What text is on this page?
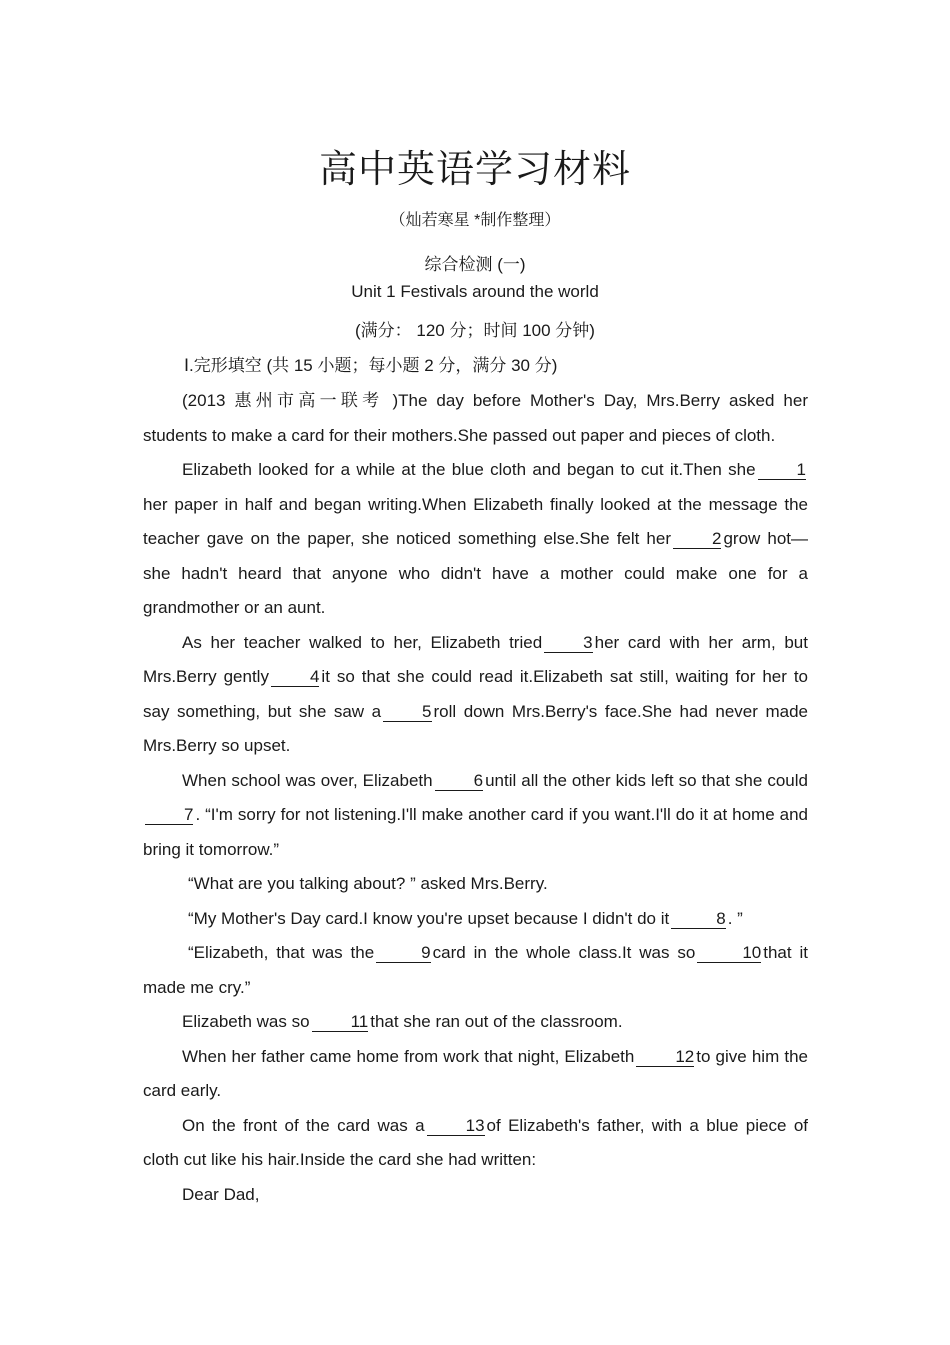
高中英语学习材料
（灿若寒星 *制作整理）
综合检测 (一)
Unit 1 Festivals around the world
(满分： 120 分；时间 100 分钟)
Ⅰ.完形填空 (共 15 小题；每小题 2 分，满分 30 分)

(2013 惠州市高一联考 )The day before Mother's Day, Mrs.Berry asked her students to make a card for their mothers.She passed out paper and pieces of cloth.

Elizabeth looked for a while at the blue cloth and began to cut it.Then she 1her paper in half and began writing.When Elizabeth finally looked at the message the teacher gave on the paper, she noticed something else.She felt her 2 grow hot—she hadn't heard that anyone who didn't have a mother could make one for a grandmother or an aunt.

As her teacher walked to her, Elizabeth tried 3 her card with her arm, but Mrs.Berry gently 4 it so that she could read it.Elizabeth sat still, waiting for her to say something, but she saw a 5 roll down Mrs.Berry's face.She had never made Mrs.Berry so upset.

When school was over, Elizabeth 6 until all the other kids left so that she could7 . “I'm sorry for not listening.I'll make another card if you want.I'll do it at home and bring it tomorrow.”

“What are you talking about? ” asked Mrs.Berry.

“My Mother's Day card.I know you're upset because I didn't do it	8 . ”

“Elizabeth, that was the	9 card in the whole class.It was so	10 that it made me cry.”

Elizabeth was so 11 that she ran out of the classroom.

When her father came home from work that night, Elizabeth 12 to give him the card early.

On the front of the card was a 13 of Elizabeth's father, with a blue piece of cloth cut like his hair.Inside the card she had written:

Dear Dad,
